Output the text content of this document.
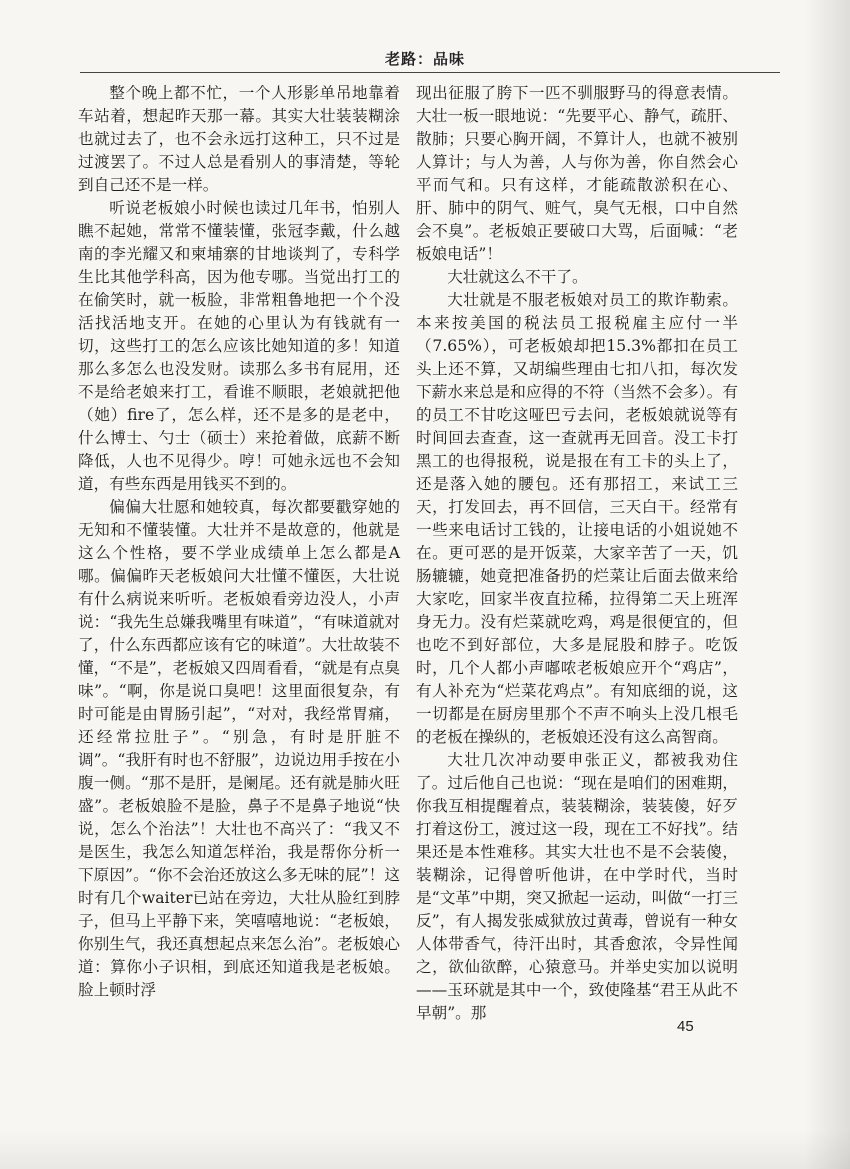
老路：品味

整个晚上都不忙，一个人形影单吊地靠着车站着，想起昨天那一幕。其实大壮装装糊涂也就过去了，也不会永远打这种工，只不过是过渡罢了。不过人总是看别人的事清楚，等轮到自己还不是一样。

听说老板娘小时候也读过几年书，怕别人瞧不起她，常常不懂装懂，张冠李戴，什么越南的李光耀又和柬埔寨的甘地谈判了，专科学生比其他学科高，因为他专哪。当觉出打工的在偷笑时，就一板脸，非常粗鲁地把一个个没活找活地支开。在她的心里认为有钱就有一切，这些打工的怎么应该比她知道的多！知道那么多怎么也没发财。读那么多书有屁用，还不是给老娘来打工，看谁不顺眼，老娘就把他（她）fire了，怎么样，还不是多的是老中，什么博士、勺士（硕士）来抢着做，底薪不断降低，人也不见得少。哼！可她永远也不会知道，有些东西是用钱买不到的。

偏偏大壮愿和她较真，每次都要戳穿她的无知和不懂装懂。大壮并不是故意的，他就是这么个性格，要不学业成绩单上怎么都是A哪。偏偏昨天老板娘问大壮懂不懂医，大壮说有什么病说来听听。老板娘看旁边没人，小声说：“我先生总嫌我嘴里有味道”，“有味道就对了，什么东西都应该有它的味道”。大壮故装不懂，“不是”，老板娘又四周看看，“就是有点臭味”。“啊，你是说口臭吧！这里面很复杂，有时可能是由胃肠引起”，“对对，我经常胃痛，还经常拉肚子”。“别急，有时是肝脏不调”。“我肝有时也不舒服”，边说边用手按在小腹一侧。“那不是肝，是阑尾。还有就是肺火旺盛”。老板娘脸不是脸，鼻子不是鼻子地说“快说，怎么个治法”！大壮也不高兴了：“我又不是医生，我怎么知道怎样治，我是帮你分析一下原因”。“你不会治还放这么多无味的屁”！这时有几个waiter已站在旁边，大壮从脸红到脖子，但马上平静下来，笑嘻嘻地说：“老板娘，你别生气，我还真想起点来怎么治”。老板娘心道：算你小子识相，到底还知道我是老板娘。脸上顿时浮

现出征服了胯下一匹不驯服野马的得意表情。大壮一板一眼地说：“先要平心、静气，疏肝、散肺；只要心胸开阔，不算计人，也就不被别人算计；与人为善，人与你为善，你自然会心平而气和。只有这样，才能疏散淤积在心、肝、肺中的阴气、赃气，臭气无根，口中自然会不臭”。老板娘正要破口大骂，后面喊：“老板娘电话”！

大壮就这么不干了。

大壮就是不服老板娘对员工的欺诈勒索。本来按美国的税法员工报税雇主应付一半（7.65%），可老板娘却把15.3%都扣在员工头上还不算，又胡编些理由七扣八扣，每次发下薪水来总是和应得的不符（当然不会多）。有的员工不甘吃这哑巴亏去问，老板娘就说等有时间回去查查，这一查就再无回音。没工卡打黑工的也得报税，说是报在有工卡的头上了，还是落入她的腰包。还有那招工，来试工三天，打发回去，再不回信，三天白干。经常有一些来电话讨工钱的，让接电话的小姐说她不在。更可恶的是开饭菜，大家辛苦了一天，饥肠辘辘，她竟把准备扔的烂菜让后面去做来给大家吃，回家半夜直拉稀，拉得第二天上班浑身无力。没有烂菜就吃鸡，鸡是很便宜的，但也吃不到好部位，大多是屁股和脖子。吃饭时，几个人都小声嘟哝老板娘应开个“鸡店”，有人补充为“烂菜花鸡点”。有知底细的说，这一切都是在厨房里那个不声不响头上没几根毛的老板在操纵的，老板娘还没有这么高智商。

大壮几次冲动要申张正义，都被我劝住了。过后他自己也说：“现在是咱们的困难期，你我互相提醒着点，装装糊涂，装装傻，好歹打着这份工，渡过这一段，现在工不好找”。结果还是本性难移。其实大壮也不是不会装傻，装糊涂，记得曾听他讲，在中学时代，当时是“文革”中期，突又掀起一运动，叫做“一打三反”，有人揭发张威狱放过黄毒，曾说有一种女人体带香气，待汗出时，其香愈浓，令异性闻之，欲仙欲醉，心猿意马。并举史实加以说明——玉环就是其中一个，致使隆基“君王从此不早朝”。那

45
